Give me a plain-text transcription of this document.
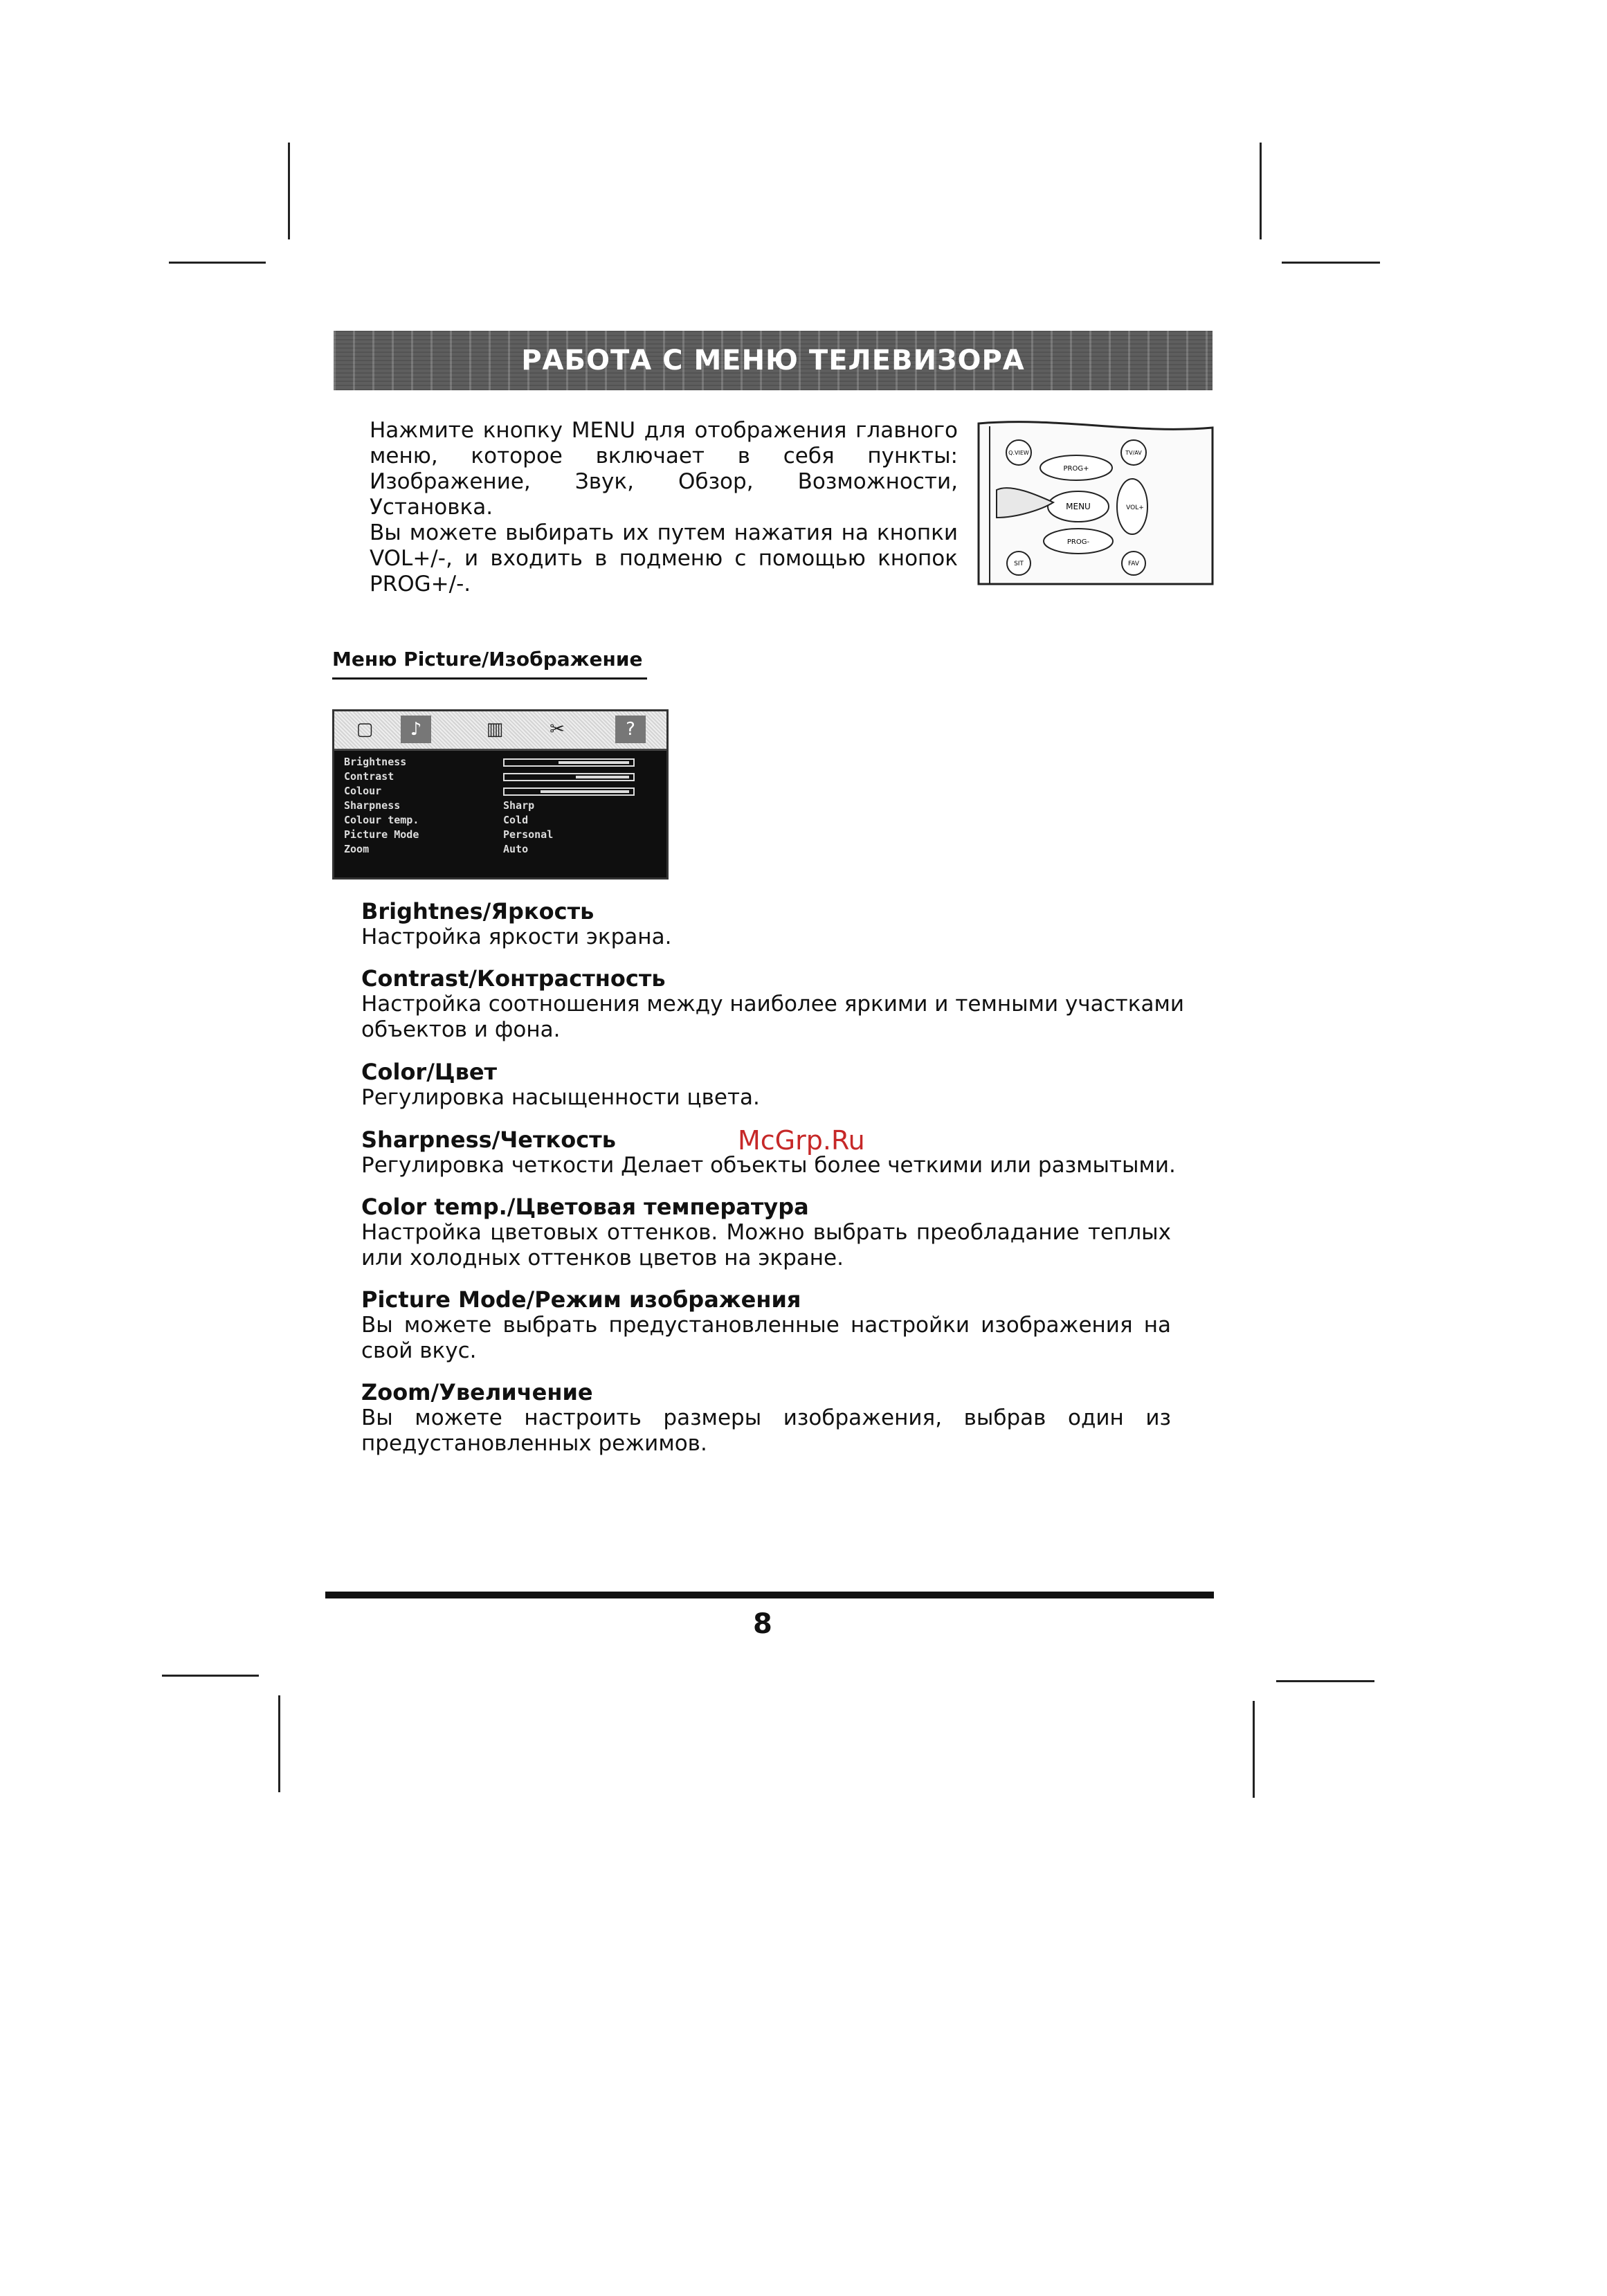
РАБОТА С МЕНЮ ТЕЛЕВИЗОРА
Нажмите кнопку MENU для отображения главного
меню, которое включает в себя пункты:
Изображение, Звук, Обзор, Возможности,
Установка.
Вы можете выбирать их путем нажатия на кнопки
VOL+/-, и входить в подменю с помощью кнопок
PROG+/-.
Q.VIEW	TV/AV
PROG+
MENU	VOL+
PROG-
SIT	FAV
Меню Picture/Изображение
▢	♪	▥	✂	?
Brightness
Contrast
Colour
Sharpness	Sharp
Colour temp.	Cold
Picture Mode	Personal
Zoom	Auto
Brightnes/Яркость
Настройка яркости экрана.
Contrast/Контрастность
Настройка соотношения между наиболее яркими и темными участками
объектов и фона.
Color/Цвет
Регулировка насыщенности цвета.
Sharpness/Четкость
Регулировка четкости Делает объекты более четкими или размытыми.
Color temp./Цветовая температура
Настройка цветовых оттенков. Можно выбрать преобладание теплых
или холодных оттенков цветов на экране.
Picture Mode/Режим изображения
Вы можете выбрать предустановленные настройки изображения на
свой вкус.
Zoom/Увеличение
Вы можете настроить размеры изображения, выбрав один из
предустановленных режимов.
McGrp.Ru
8
